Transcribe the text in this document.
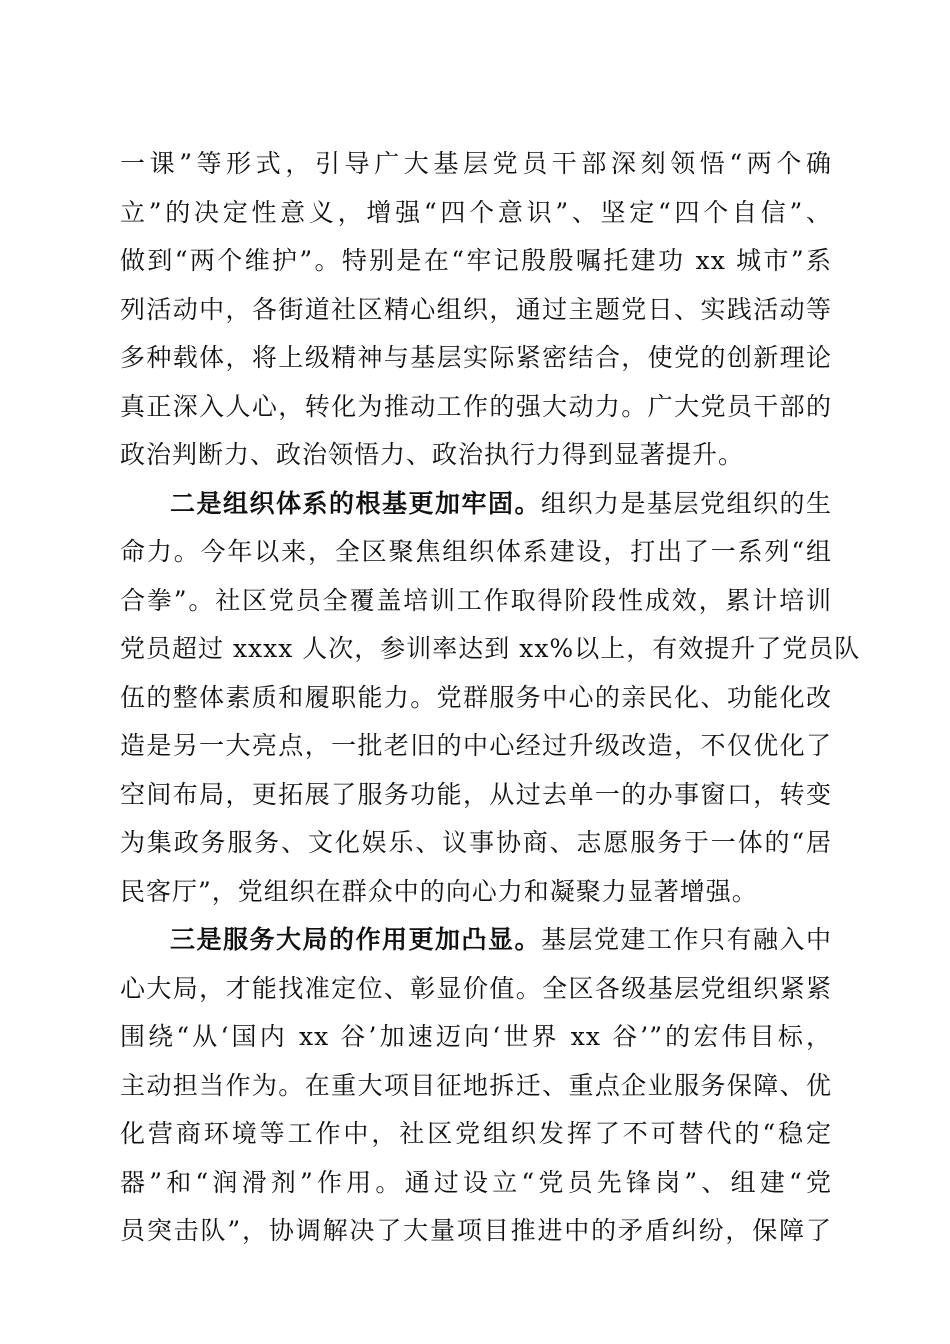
一课”等形式，引导广大基层党员干部深刻领悟“两个确
立”的决定性意义，增强“四个意识”、坚定“四个自信”、
做到“两个维护”。特别是在“牢记殷殷嘱托建功 xx 城市”系
列活动中，各街道社区精心组织，通过主题党日、实践活动等
多种载体，将上级精神与基层实际紧密结合，使党的创新理论
真正深入人心，转化为推动工作的强大动力。广大党员干部的
政治判断力、政治领悟力、政治执行力得到显著提升。
二是组织体系的根基更加牢固。组织力是基层党组织的生
命力。今年以来，全区聚焦组织体系建设，打出了一系列“组
合拳”。社区党员全覆盖培训工作取得阶段性成效，累计培训
党员超过 xxxx 人次，参训率达到 xx%以上，有效提升了党员队
伍的整体素质和履职能力。党群服务中心的亲民化、功能化改
造是另一大亮点，一批老旧的中心经过升级改造，不仅优化了
空间布局，更拓展了服务功能，从过去单一的办事窗口，转变
为集政务服务、文化娱乐、议事协商、志愿服务于一体的“居
民客厅”，党组织在群众中的向心力和凝聚力显著增强。
三是服务大局的作用更加凸显。基层党建工作只有融入中
心大局，才能找准定位、彰显价值。全区各级基层党组织紧紧
围绕“从‘国内 xx 谷’加速迈向‘世界 xx 谷’”的宏伟目标，
主动担当作为。在重大项目征地拆迁、重点企业服务保障、优
化营商环境等工作中，社区党组织发挥了不可替代的“稳定
器”和“润滑剂”作用。通过设立“党员先锋岗”、组建“党
员突击队”，协调解决了大量项目推进中的矛盾纠纷，保障了
